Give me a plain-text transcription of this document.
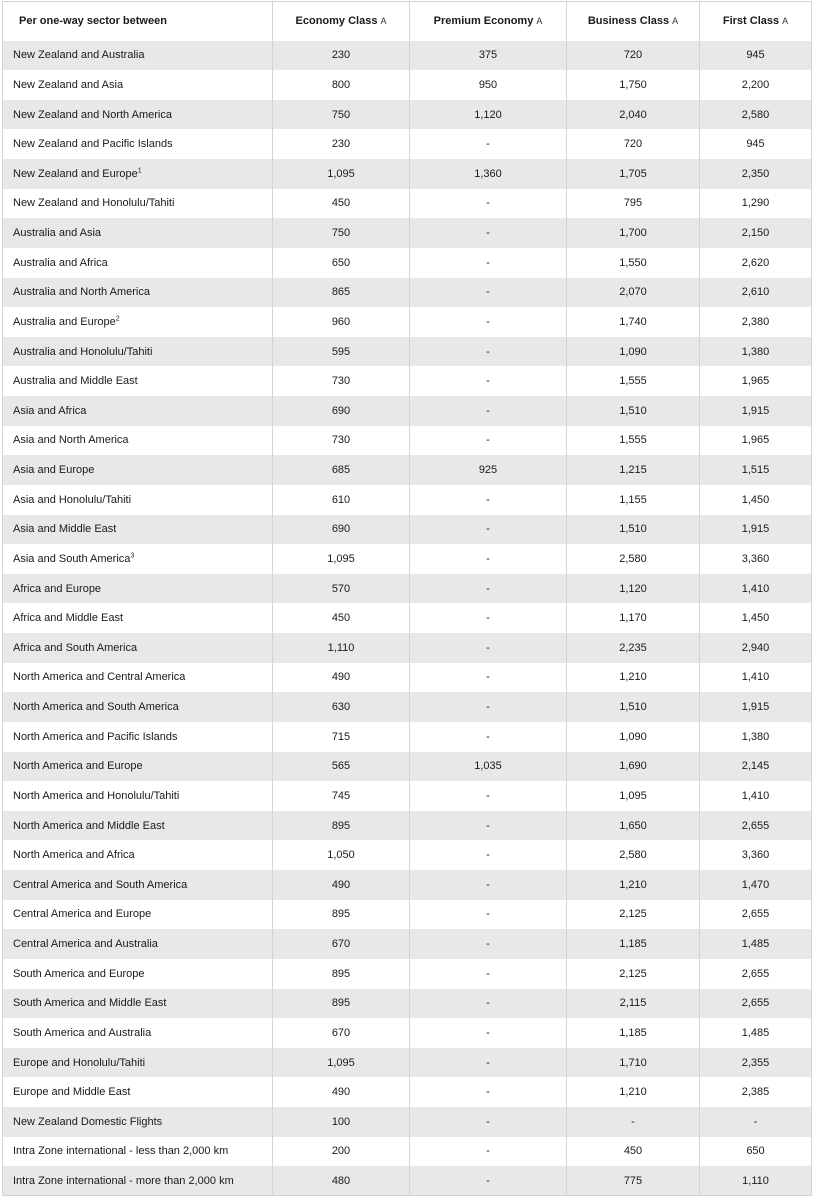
Per one-way sector between	Economy Class A	Premium Economy A	Business Class A	First Class A
New Zealand and Australia	230	375	720	945
New Zealand and Asia	800	950	1,750	2,200
New Zealand and North America	750	1,120	2,040	2,580
New Zealand and Pacific Islands	230	-	720	945
New Zealand and Europe$^1$	1,095	1,360	1,705	2,350
New Zealand and Honolulu/Tahiti	450	-	795	1,290
Australia and Asia	750	-	1,700	2,150
Australia and Africa	650	-	1,550	2,620
Australia and North America	865	-	2,070	2,610
Australia and Europe$^2$	960	-	1,740	2,380
Australia and Honolulu/Tahiti	595	-	1,090	1,380
Australia and Middle East	730	-	1,555	1,965
Asia and Africa	690	-	1,510	1,915
Asia and North America	730	-	1,555	1,965
Asia and Europe	685	925	1,215	1,515
Asia and Honolulu/Tahiti	610	-	1,155	1,450
Asia and Middle East	690	-	1,510	1,915
Asia and South America$^3$	1,095	-	2,580	3,360
Africa and Europe	570	-	1,120	1,410
Africa and Middle East	450	-	1,170	1,450
Africa and South America	1,110	-	2,235	2,940
North America and Central America	490	-	1,210	1,410
North America and South America	630	-	1,510	1,915
North America and Pacific Islands	715	-	1,090	1,380
North America and Europe	565	1,035	1,690	2,145
North America and Honolulu/Tahiti	745	-	1,095	1,410
North America and Middle East	895	-	1,650	2,655
North America and Africa	1,050	-	2,580	3,360
Central America and South America	490	-	1,210	1,470
Central America and Europe	895	-	2,125	2,655
Central America and Australia	670	-	1,185	1,485
South America and Europe	895	-	2,125	2,655
South America and Middle East	895	-	2,115	2,655
South America and Australia	670	-	1,185	1,485
Europe and Honolulu/Tahiti	1,095	-	1,710	2,355
Europe and Middle East	490	-	1,210	2,385
New Zealand Domestic Flights	100	-	-	-
Intra Zone international - less than 2,000 km	200	-	450	650
Intra Zone international - more than 2,000 km	480	-	775	1,110
